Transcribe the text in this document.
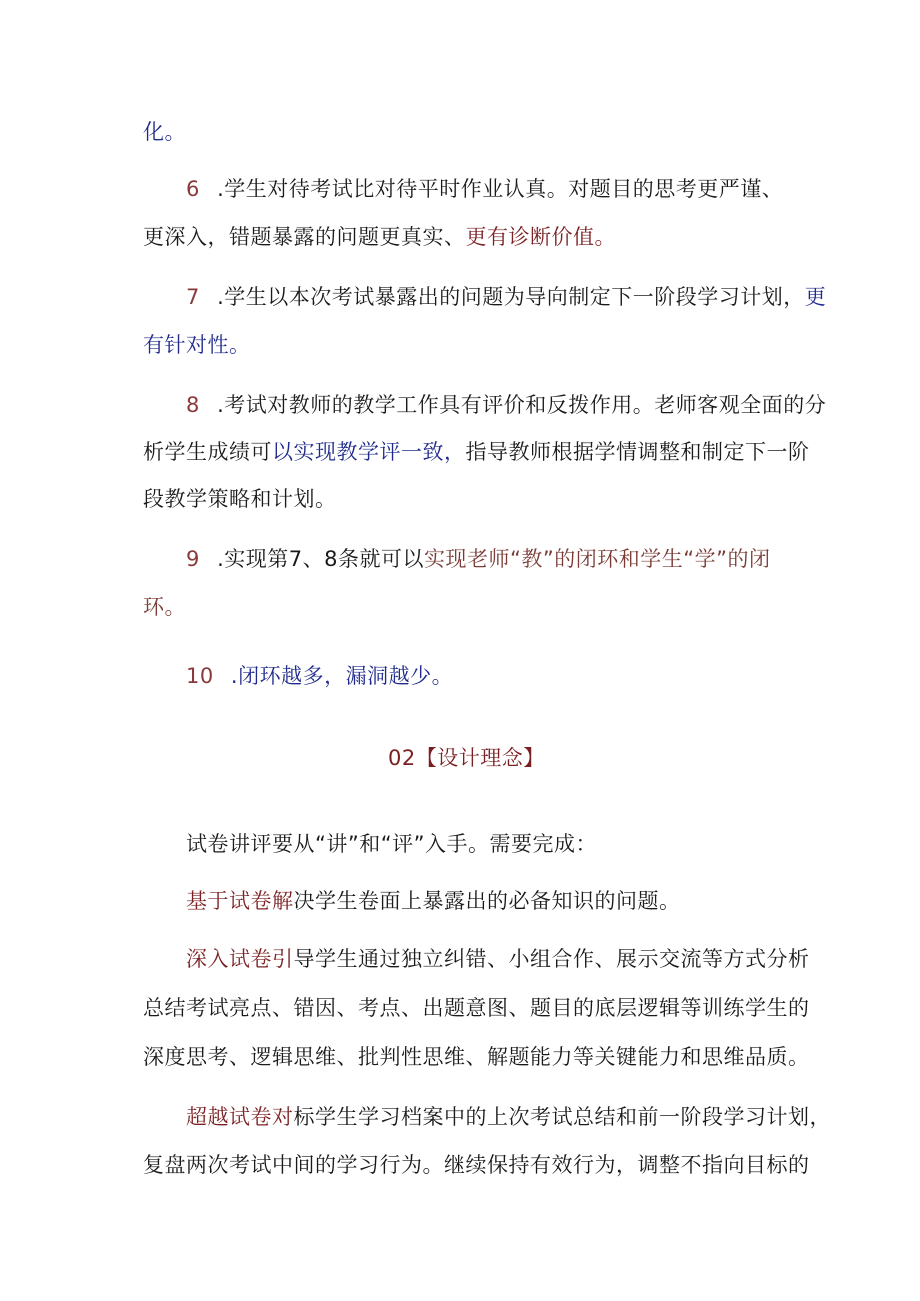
化。
6 .学生对待考试比对待平时作业认真。对题目的思考更严谨、
更深入，错题暴露的问题更真实、更有诊断价值。
7 .学生以本次考试暴露出的问题为导向制定下一阶段学习计划，更
有针对性。
8 .考试对教师的教学工作具有评价和反拨作用。老师客观全面的分
析学生成绩可以实现教学评一致，指导教师根据学情调整和制定下一阶
段教学策略和计划。
9 .实现第7、8条就可以实现老师“教”的闭环和学生“学”的闭
环。
10 .闭环越多，漏洞越少。
02【设计理念】
试卷讲评要从“讲”和“评”入手。需要完成：
基于试卷解决学生卷面上暴露出的必备知识的问题。
深入试卷引导学生通过独立纠错、小组合作、展示交流等方式分析
总结考试亮点、错因、考点、出题意图、题目的底层逻辑等训练学生的
深度思考、逻辑思维、批判性思维、解题能力等关键能力和思维品质。
超越试卷对标学生学习档案中的上次考试总结和前一阶段学习计划，
复盘两次考试中间的学习行为。继续保持有效行为，调整不指向目标的
